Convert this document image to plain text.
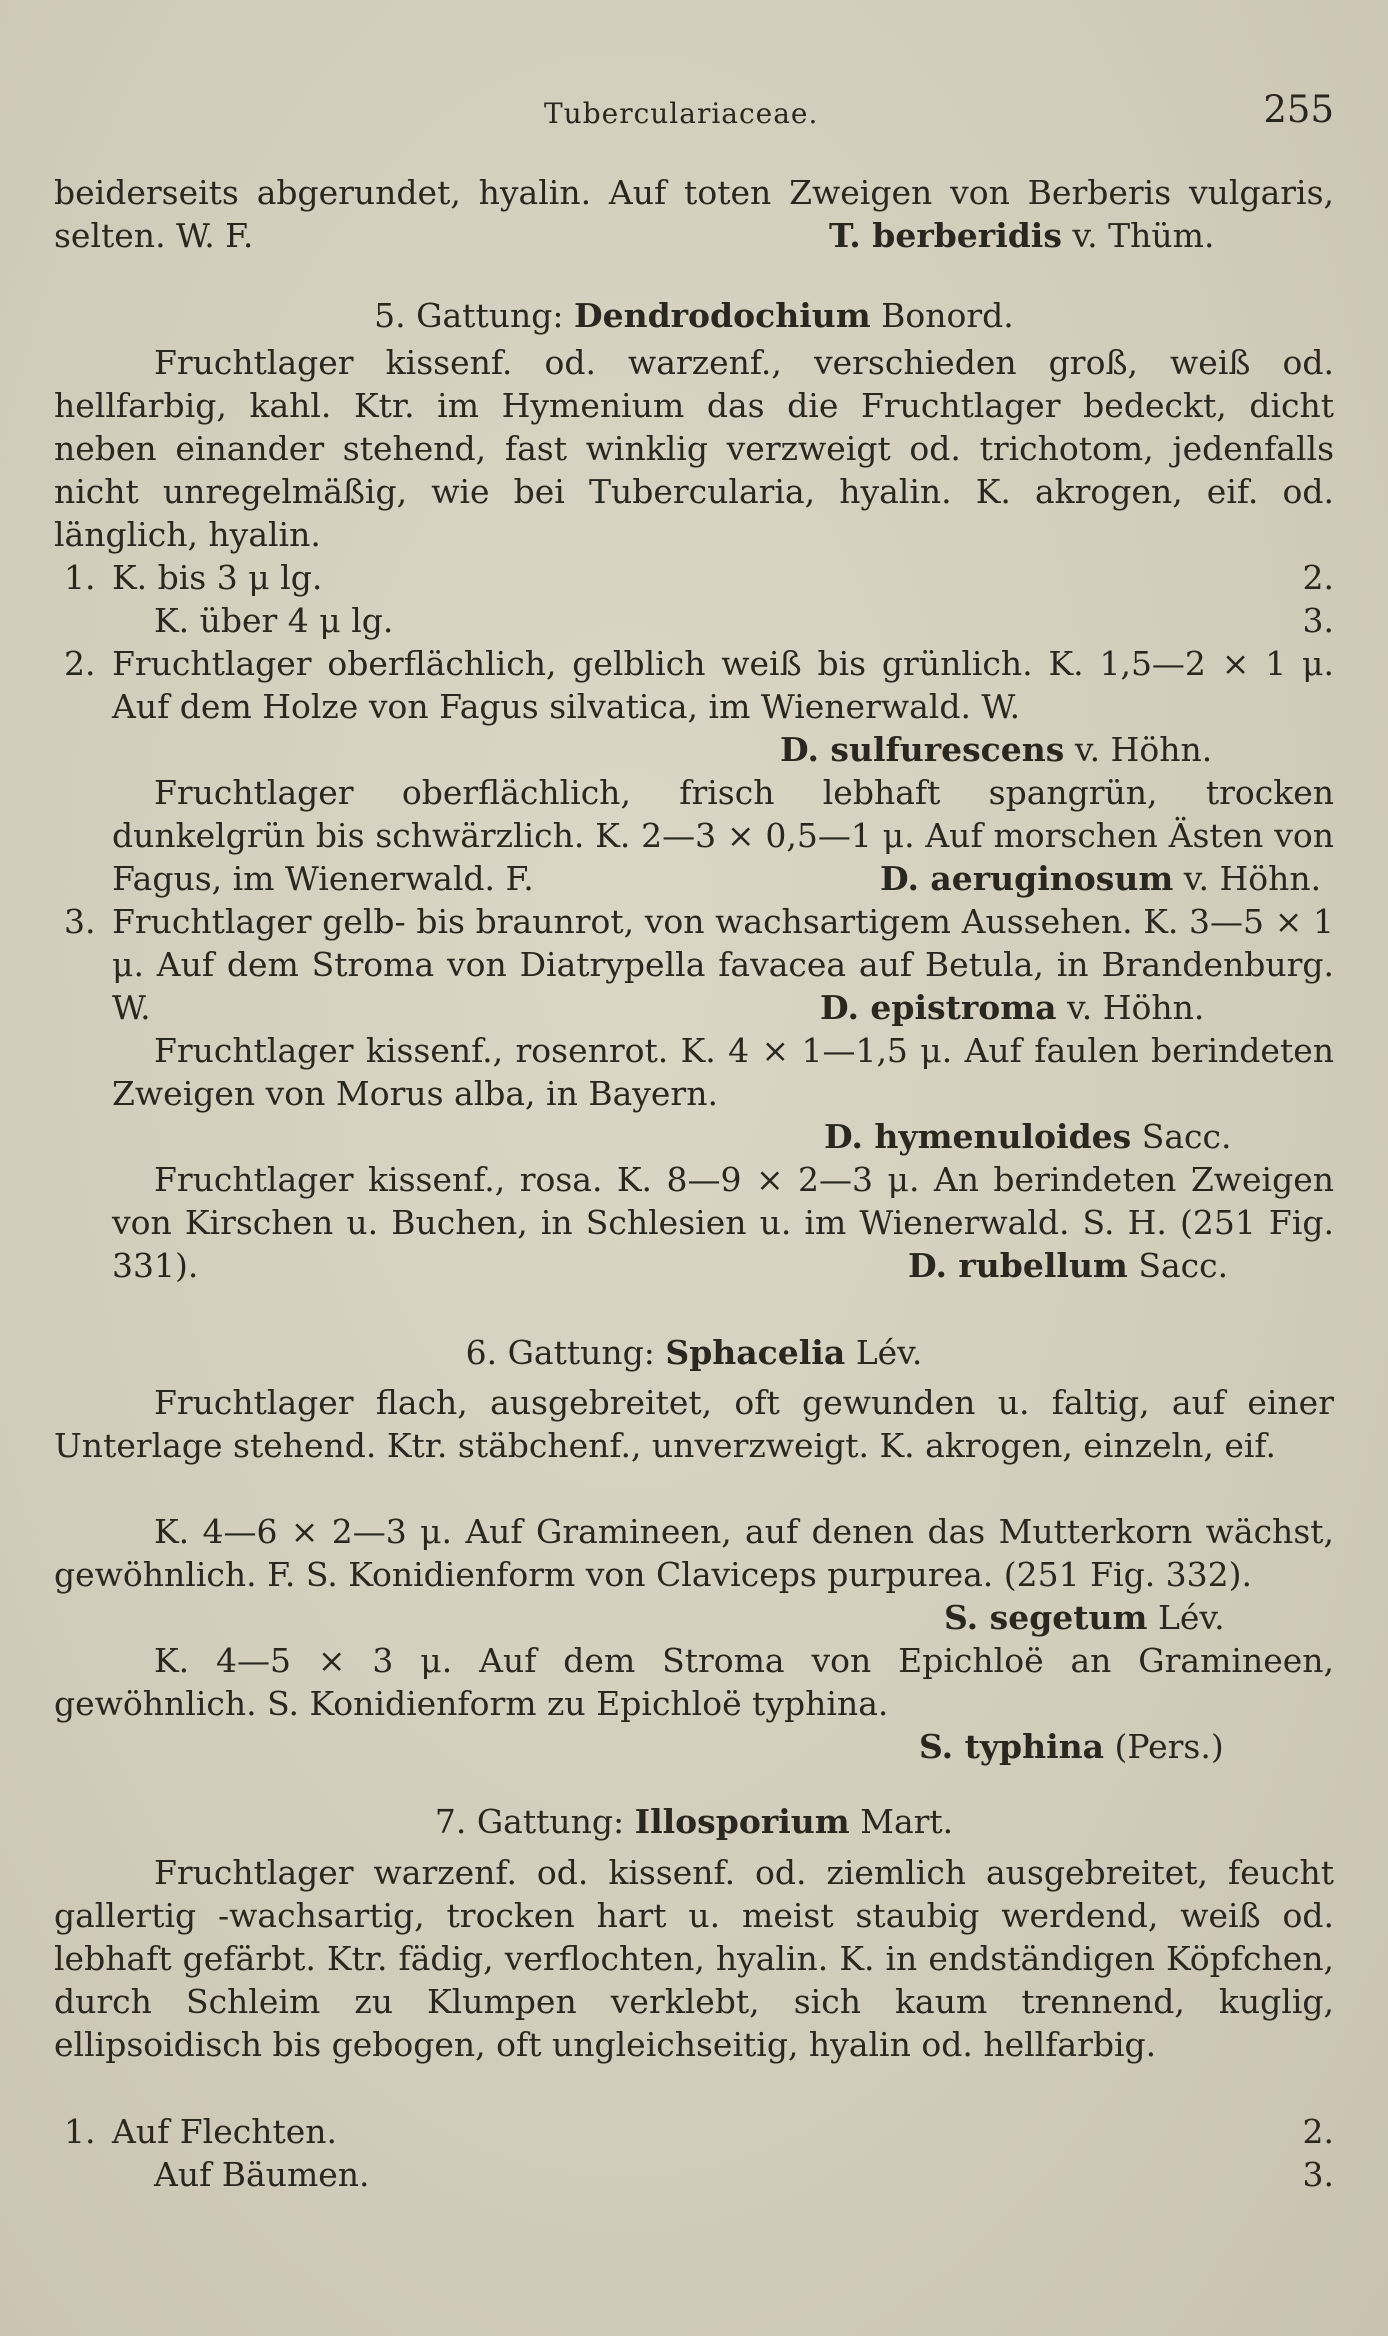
Tuberculariaceae.	255
beiderseits abgerundet, hyalin. Auf toten Zweigen von Berberis vulgaris, selten. W. F.	T. berberidis v. Thüm.
5. Gattung: Dendrodochium Bonord.
Fruchtlager kissenf. od. warzenf., verschieden groß, weiß od. hellfarbig, kahl. Ktr. im Hymenium das die Fruchtlager bedeckt, dicht neben einander stehend, fast winklig verzweigt od. trichotom, jedenfalls nicht unregelmäßig, wie bei Tubercularia, hyalin. K. akrogen, eif. od. länglich, hyalin.
1. K. bis 3 μ lg.	2.
K. über 4 μ lg.	3.
2. Fruchtlager oberflächlich, gelblich weiß bis grünlich. K. 1,5—2 × 1 μ. Auf dem Holze von Fagus silvatica, im Wienerwald. W.
D. sulfurescens v. Höhn.
Fruchtlager oberflächlich, frisch lebhaft spangrün, trocken dunkelgrün bis schwärzlich. K. 2—3 × 0,5—1 μ. Auf morschen Ästen von Fagus, im Wienerwald. F.	D. aeruginosum v. Höhn.
3. Fruchtlager gelb- bis braunrot, von wachsartigem Aussehen. K. 3—5 × 1 μ. Auf dem Stroma von Diatrypella favacea auf Betula, in Brandenburg. W.	D. epistroma v. Höhn.
Fruchtlager kissenf., rosenrot. K. 4 × 1—1,5 μ. Auf faulen berindeten Zweigen von Morus alba, in Bayern.
D. hymenuloides Sacc.
Fruchtlager kissenf., rosa. K. 8—9 × 2—3 μ. An berindeten Zweigen von Kirschen u. Buchen, in Schlesien u. im Wienerwald. S. H. (251 Fig. 331).	D. rubellum Sacc.
6. Gattung: Sphacelia Lév.
Fruchtlager flach, ausgebreitet, oft gewunden u. faltig, auf einer Unterlage stehend. Ktr. stäbchenf., unverzweigt. K. akrogen, einzeln, eif.
K. 4—6 × 2—3 μ. Auf Gramineen, auf denen das Mutterkorn wächst, gewöhnlich. F. S. Konidienform von Claviceps purpurea. (251 Fig. 332).
S. segetum Lév.
K. 4—5 × 3 μ. Auf dem Stroma von Epichloë an Gramineen, gewöhnlich. S. Konidienform zu Epichloë typhina.
S. typhina (Pers.)
7. Gattung: Illosporium Mart.
Fruchtlager warzenf. od. kissenf. od. ziemlich ausgebreitet, feucht gallertig -wachsartig, trocken hart u. meist staubig werdend, weiß od. lebhaft gefärbt. Ktr. fädig, verflochten, hyalin. K. in endständigen Köpfchen, durch Schleim zu Klumpen verklebt, sich kaum trennend, kuglig, ellipsoidisch bis gebogen, oft ungleichseitig, hyalin od. hellfarbig.
1. Auf Flechten.	2.
Auf Bäumen.	3.
